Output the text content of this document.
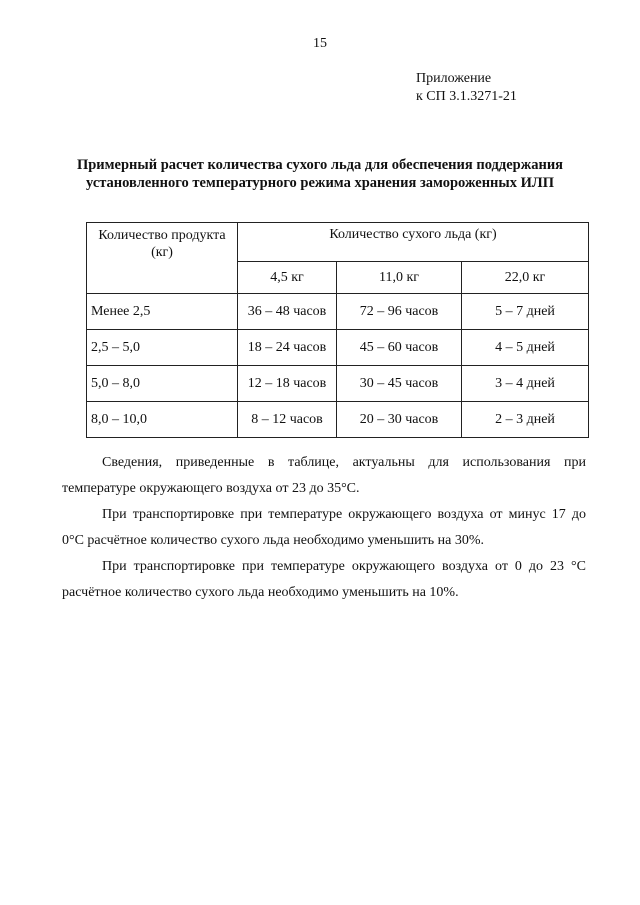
15
Приложение
к СП 3.1.3271-21
Примерный расчет количества сухого льда для обеспечения поддержания установленного температурного режима хранения замороженных ИЛП
Количество продукта (кг)	Количество сухого льда (кг)		
	4,5 кг	11,0 кг	22,0 кг
Менее 2,5	36 – 48 часов	72 – 96 часов	5 – 7 дней
2,5 – 5,0	18 – 24 часов	45 – 60 часов	4 – 5 дней
5,0 – 8,0	12 – 18 часов	30 – 45 часов	3 – 4 дней
8,0 – 10,0	8 – 12 часов	20 – 30 часов	2 – 3 дней
Сведения, приведенные в таблице, актуальны для использования при температуре окружающего воздуха от 23 до 35°С.
При транспортировке при температуре окружающего воздуха от минус 17 до 0°С расчётное количество сухого льда необходимо уменьшить на 30%.
При транспортировке при температуре окружающего воздуха от 0 до 23 °С расчётное количество сухого льда необходимо уменьшить на 10%.
